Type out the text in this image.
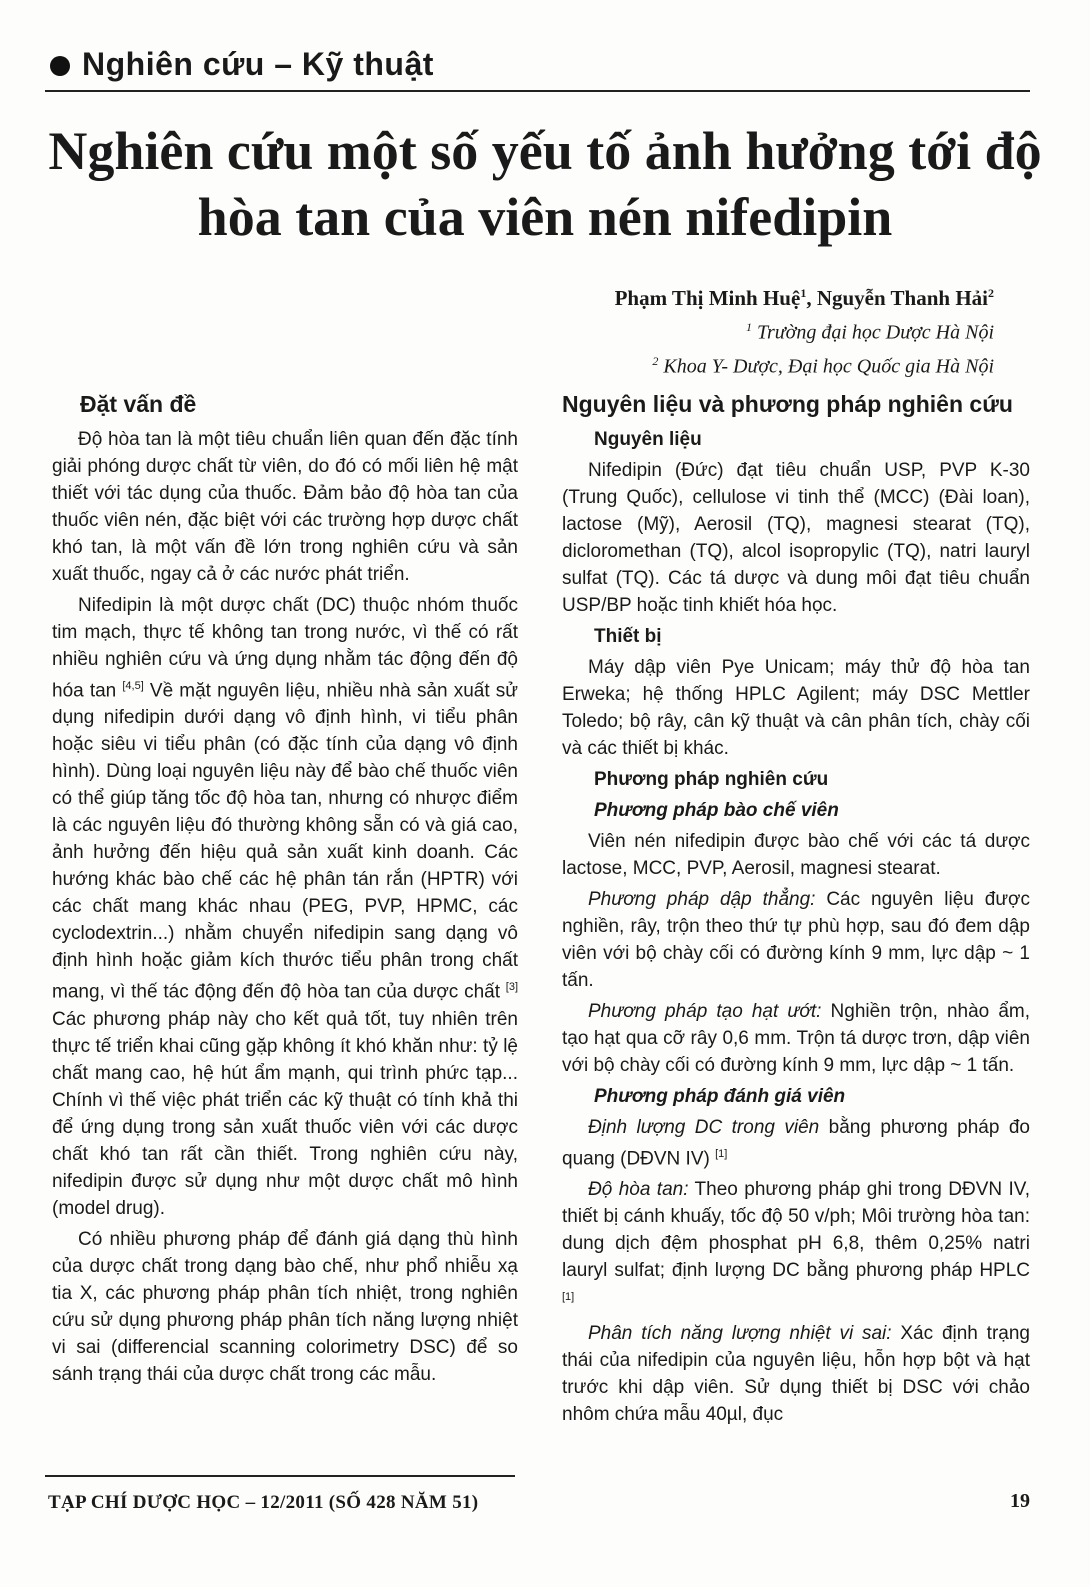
Nghiên cứu – Kỹ thuật
Nghiên cứu một số yếu tố ảnh hưởng tới độ hòa tan của viên nén nifedipin
Phạm Thị Minh Huệ$^1$, Nguyễn Thanh Hải$^2$
$^1$ Trường đại học Dược Hà Nội
$^2$ Khoa Y- Dược, Đại học Quốc gia Hà Nội
Đặt vấn đề

Độ hòa tan là một tiêu chuẩn liên quan đến đặc tính giải phóng dược chất từ viên, do đó có mối liên hệ mật thiết với tác dụng của thuốc. Đảm bảo độ hòa tan của thuốc viên nén, đặc biệt với các trường hợp dược chất khó tan, là một vấn đề lớn trong nghiên cứu và sản xuất thuốc, ngay cả ở các nước phát triển.

Nifedipin là một dược chất (DC) thuộc nhóm thuốc tim mạch, thực tế không tan trong nước, vì thế có rất nhiều nghiên cứu và ứng dụng nhằm tác động đến độ hóa tan [4,5] Về mặt nguyên liệu, nhiều nhà sản xuất sử dụng nifedipin dưới dạng vô định hình, vi tiểu phân hoặc siêu vi tiểu phân (có đặc tính của dạng vô định hình). Dùng loại nguyên liệu này để bào chế thuốc viên có thể giúp tăng tốc độ hòa tan, nhưng có nhược điểm là các nguyên liệu đó thường không sẵn có và giá cao, ảnh hưởng đến hiệu quả sản xuất kinh doanh. Các hướng khác bào chế các hệ phân tán rắn (HPTR) với các chất mang khác nhau (PEG, PVP, HPMC, các cyclodextrin...) nhằm chuyển nifedipin sang dạng vô định hình hoặc giảm kích thước tiểu phân trong chất mang, vì thế tác động đến độ hòa tan của dược chất [3] Các phương pháp này cho kết quả tốt, tuy nhiên trên thực tế triển khai cũng gặp không ít khó khăn như: tỷ lệ chất mang cao, hệ hút ẩm mạnh, qui trình phức tạp... Chính vì thế việc phát triển các kỹ thuật có tính khả thi để ứng dụng trong sản xuất thuốc viên với các dược chất khó tan rất cần thiết. Trong nghiên cứu này, nifedipin được sử dụng như một dược chất mô hình (model drug).

Có nhiều phương pháp để đánh giá dạng thù hình của dược chất trong dạng bào chế, như phổ nhiễu xạ tia X, các phương pháp phân tích nhiệt, trong nghiên cứu sử dụng phương pháp phân tích năng lượng nhiệt vi sai (differencial scanning colorimetry DSC) để so sánh trạng thái của dược chất trong các mẫu.

Nguyên liệu và phương pháp nghiên cứu
Nguyên liệu

Nifedipin (Đức) đạt tiêu chuẩn USP, PVP K-30 (Trung Quốc), cellulose vi tinh thể (MCC) (Đài loan), lactose (Mỹ), Aerosil (TQ), magnesi stearat (TQ), dicloromethan (TQ), alcol isopropylic (TQ), natri lauryl sulfat (TQ). Các tá dược và dung môi đạt tiêu chuẩn USP/BP hoặc tinh khiết hóa học.

Thiết bị

Máy dập viên Pye Unicam; máy thử độ hòa tan Erweka; hệ thống HPLC Agilent; máy DSC Mettler Toledo; bộ rây, cân kỹ thuật và cân phân tích, chày cối và các thiết bị khác.

Phương pháp nghiên cứu
Phương pháp bào chế viên

Viên nén nifedipin được bào chế với các tá dược lactose, MCC, PVP, Aerosil, magnesi stearat.

Phương pháp dập thẳng: Các nguyên liệu được nghiền, rây, trộn theo thứ tự phù hợp, sau đó đem dập viên với bộ chày cối có đường kính 9 mm, lực dập ~ 1 tấn.

Phương pháp tạo hạt ướt: Nghiền trộn, nhào ẩm, tạo hạt qua cỡ rây 0,6 mm. Trộn tá dược trơn, dập viên với bộ chày cối có đường kính 9 mm, lực dập ~ 1 tấn.

Phương pháp đánh giá viên

Định lượng DC trong viên bằng phương pháp đo quang (DĐVN IV) [1]

Độ hòa tan: Theo phương pháp ghi trong DĐVN IV, thiết bị cánh khuấy, tốc độ 50 v/ph; Môi trường hòa tan: dung dịch đệm phosphat pH 6,8, thêm 0,25% natri lauryl sulfat; định lượng DC bằng phương pháp HPLC [1]

Phân tích năng lượng nhiệt vi sai: Xác định trạng thái của nifedipin của nguyên liệu, hỗn hợp bột và hạt trước khi dập viên. Sử dụng thiết bị DSC với chảo nhôm chứa mẫu 40µl, đục

TẠP CHÍ DƯỢC HỌC – 12/2011 (SỐ 428 NĂM 51)	19
